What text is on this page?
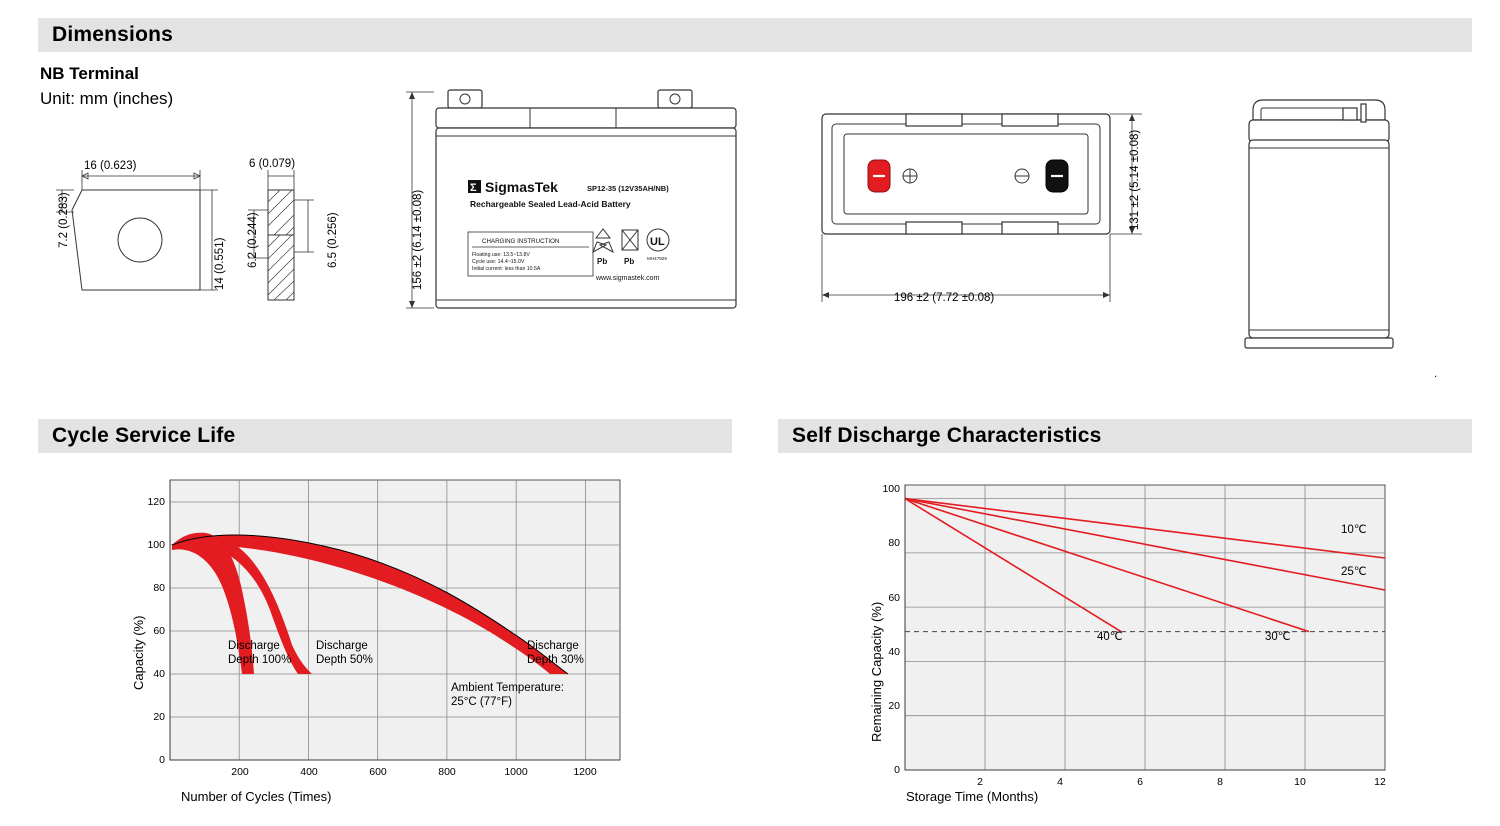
Dimensions
NB Terminal
Unit: mm (inches)
16 (0.623)
7.2 (0.283)
14 (0.551)
6 (0.079)
6.2 (0.244)	6.5 (0.256)
Σ SigmasTek	SP12-35 (12V35AH/NB)
Rechargeable Sealed Lead-Acid Battery
CHARGING INSTRUCTION
Floating use: 13.5~13.8V
Cycle use: 14.4~15.0V
Initial current: less than 10.5A
Pb Pb
UL
MH47929
www.sigmastek.com
156 ±2 (6.14 ±0.08)
131 ±2 (5.14 ±0.08)
196 ±2 (7.72 ±0.08)
.
Cycle Service Life
120
100
80
60
40
20
0
200	400	600	800	1000	1200
Discharge
Depth 100%
Discharge
Depth 50%
Discharge
Depth 30%
Ambient Temperature:
25°C (77°F)
Capacity (%)
Number of Cycles (Times)
Self Discharge Characteristics
100
80
60
40
20
0
2	4	6	8	10	12
10℃
25℃
40℃	30℃
Remaining Capacity (%)
Storage Time (Months)
